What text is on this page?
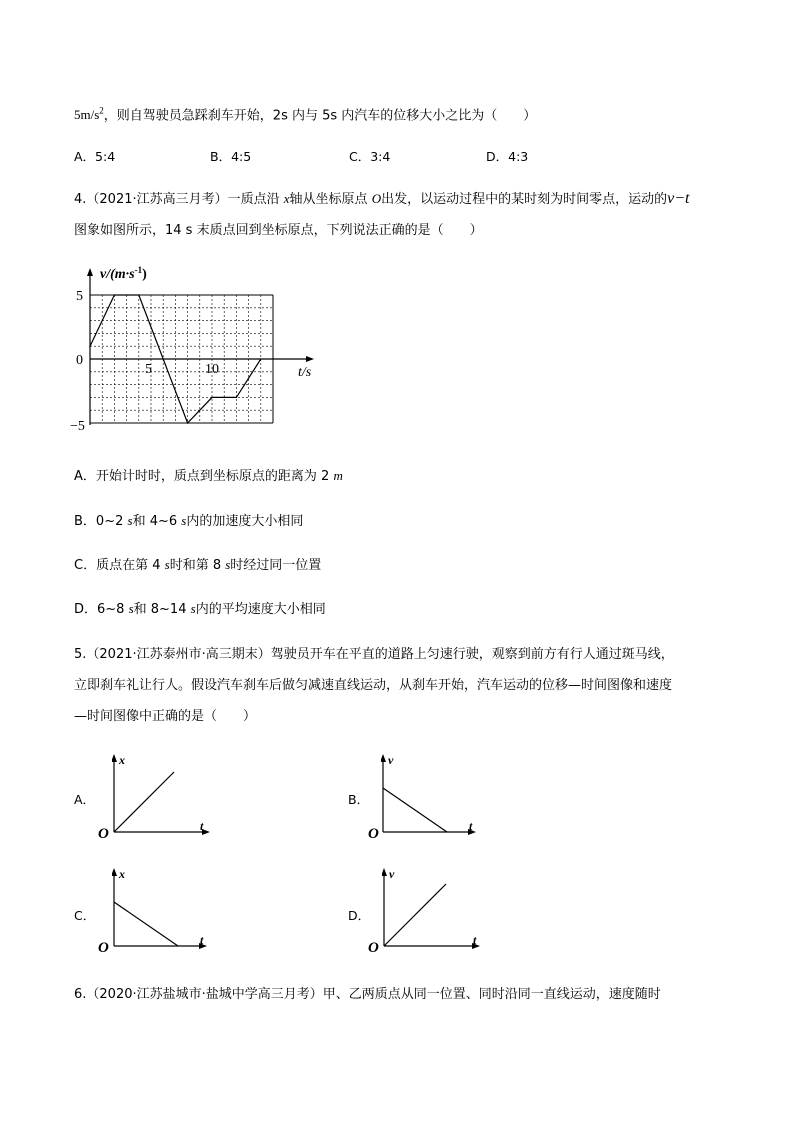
$5m/s^2$，则自驾驶员急踩刹车开始，2s 内与 5s 内汽车的位移大小之比为（　　）
A．5:4	B．4:5	C．3:4	D．4:3
4.（2021·江苏高三月考）一质点沿 x轴从坐标原点 O出发，以运动过程中的某时刻为时间零点，运动的v−t
图象如图所示，14 s 末质点回到坐标原点，下列说法正确的是（　　）
$v/(m\cdot s^{-1})$
t/s
5
0
−5
5	10
A．开始计时时，质点到坐标原点的距离为 2 m
B．0~2 s和 4~6 s内的加速度大小相同
C．质点在第 4 s时和第 8 s时经过同一位置
D．6~8 s和 8~14 s内的平均速度大小相同
5.（2021·江苏泰州市·高三期末）驾驶员开车在平直的道路上匀速行驶，观察到前方有行人通过斑马线，
立即刹车礼让行人。假设汽车刹车后做匀减速直线运动，从刹车开始，汽车运动的位移—时间图像和速度
—时间图像中正确的是（　　）
A．
x
t
O
B．
v
t
O
C．
x
t
O
D．
v
t
O
6.（2020·江苏盐城市·盐城中学高三月考）甲、乙两质点从同一位置、同时沿同一直线运动，速度随时
